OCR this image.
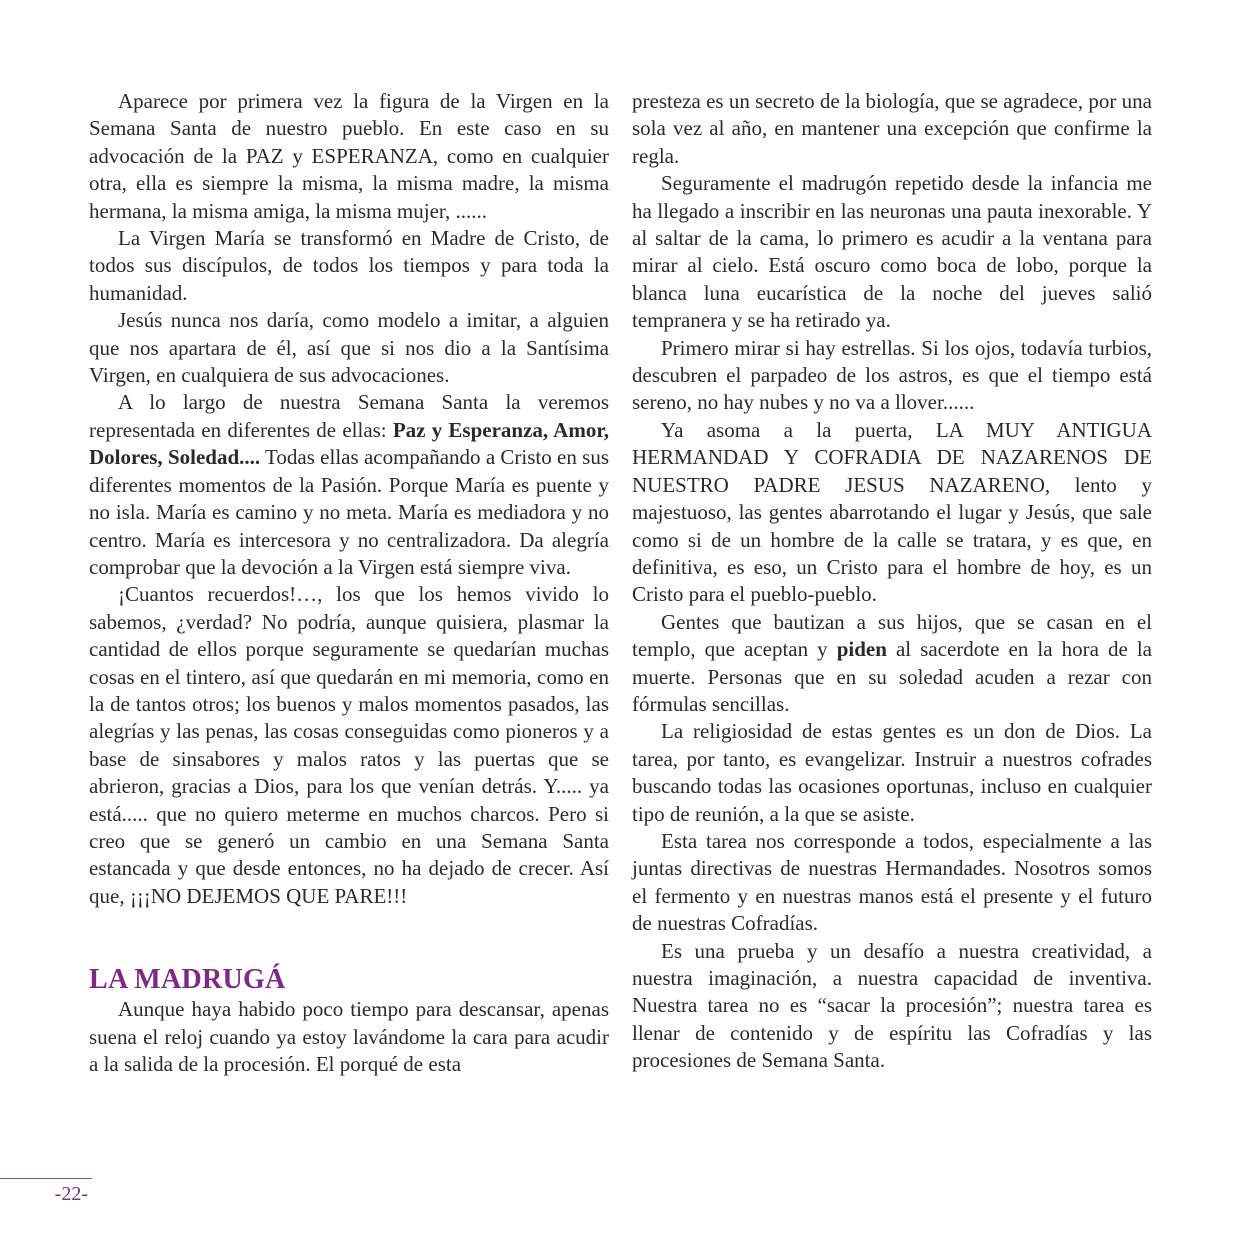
Aparece por primera vez la figura de la Virgen en la Semana Santa de nuestro pueblo. En este caso en su advocación de la PAZ y ESPERANZA, como en cualquier otra, ella es siempre la misma, la misma madre, la misma hermana, la misma amiga, la misma mujer, ......

La Virgen María se transformó en Madre de Cristo, de todos sus discípulos, de todos los tiempos y para toda la humanidad.

Jesús nunca nos daría, como modelo a imitar, a alguien que nos apartara de él, así que si nos dio a la Santísima Virgen, en cualquiera de sus advocaciones.

A lo largo de nuestra Semana Santa la veremos representada en diferentes de ellas: Paz y Esperanza, Amor, Dolores, Soledad.... Todas ellas acompañando a Cristo en sus diferentes momentos de la Pasión. Porque María es puente y no isla. María es camino y no meta. María es mediadora y no centro. María es intercesora y no centralizadora. Da alegría comprobar que la devoción a la Virgen está siempre viva.

¡Cuantos recuerdos!…, los que los hemos vivido lo sabemos, ¿verdad? No podría, aunque quisiera, plasmar la cantidad de ellos porque seguramente se quedarían muchas cosas en el tintero, así que quedarán en mi memoria, como en la de tantos otros; los buenos y malos momentos pasados, las alegrías y las penas, las cosas conseguidas como pioneros y a base de sinsabores y malos ratos y las puertas que se abrieron, gracias a Dios, para los que venían detrás. Y..... ya está..... que no quiero meterme en muchos charcos. Pero si creo que se generó un cambio en una Semana Santa estancada y que desde entonces, no ha dejado de crecer. Así que, ¡¡¡NO DEJEMOS QUE PARE!!!

LA MADRUGÁ

Aunque haya habido poco tiempo para descansar, apenas suena el reloj cuando ya estoy lavándome la cara para acudir a la salida de la procesión. El porqué de esta

presteza es un secreto de la biología, que se agradece, por una sola vez al año, en mantener una excepción que confirme la regla.

Seguramente el madrugón repetido desde la infancia me ha llegado a inscribir en las neuronas una pauta inexorable. Y al saltar de la cama, lo primero es acudir a la ventana para mirar al cielo. Está oscuro como boca de lobo, porque la blanca luna eucarística de la noche del jueves salió tempranera y se ha retirado ya.

Primero mirar si hay estrellas. Si los ojos, todavía turbios, descubren el parpadeo de los astros, es que el tiempo está sereno, no hay nubes y no va a llover......

Ya asoma a la puerta, LA MUY ANTIGUA HERMANDAD Y COFRADIA DE NAZARENOS DE NUESTRO PADRE JESUS NAZARENO, lento y majestuoso, las gentes abarrotando el lugar y Jesús, que sale como si de un hombre de la calle se tratara, y es que, en definitiva, es eso, un Cristo para el hombre de hoy, es un Cristo para el pueblo-pueblo.

Gentes que bautizan a sus hijos, que se casan en el templo, que aceptan y piden al sacerdote en la hora de la muerte. Personas que en su soledad acuden a rezar con fórmulas sencillas.

La religiosidad de estas gentes es un don de Dios. La tarea, por tanto, es evangelizar. Instruir a nuestros cofrades buscando todas las ocasiones oportunas, incluso en cualquier tipo de reunión, a la que se asiste.

Esta tarea nos corresponde a todos, especialmente a las juntas directivas de nuestras Hermandades. Nosotros somos el fermento y en nuestras manos está el presente y el futuro de nuestras Cofradías.

Es una prueba y un desafío a nuestra creatividad, a nuestra imaginación, a nuestra capacidad de inventiva. Nuestra tarea no es “sacar la procesión”; nuestra tarea es llenar de contenido y de espíritu las Cofradías y las procesiones de Semana Santa.

-22-
